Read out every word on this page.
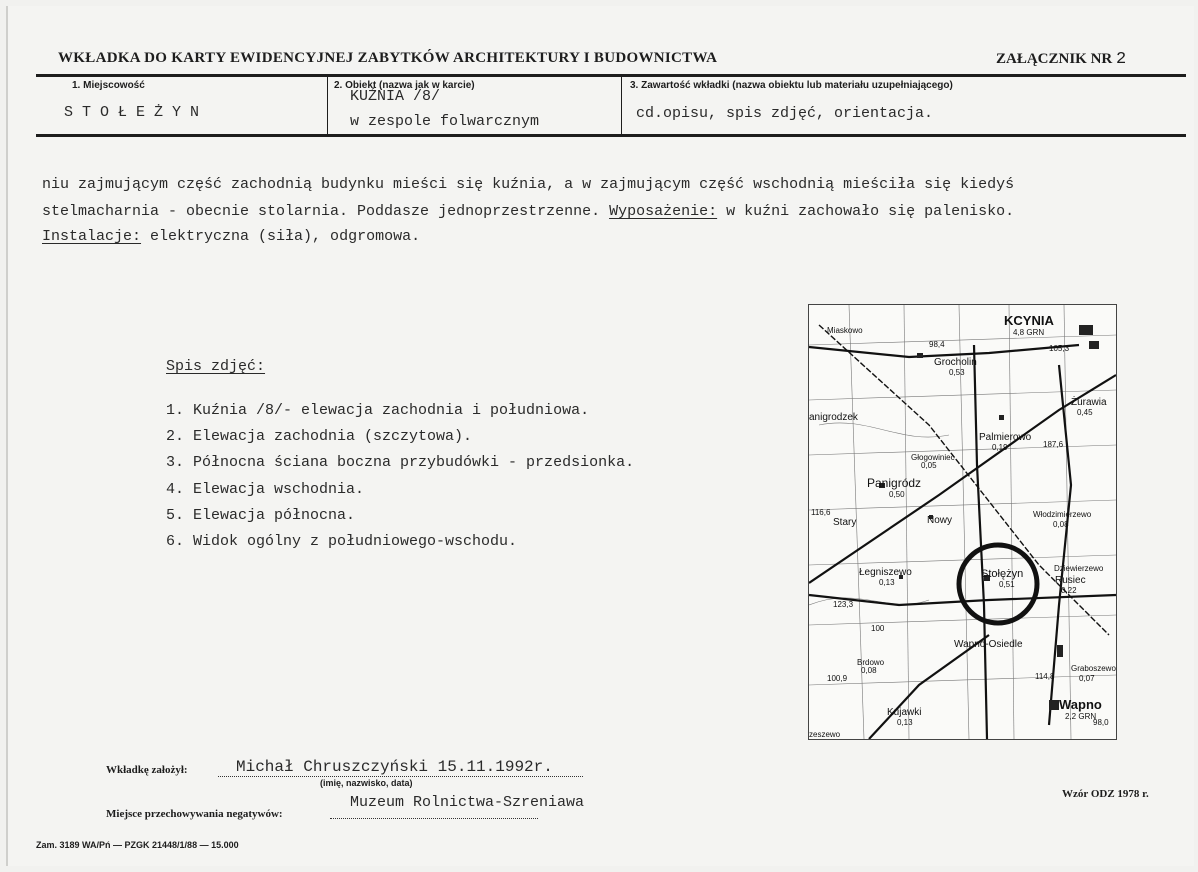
WKŁADKA DO KARTY EWIDENCYJNEJ ZABYTKÓW ARCHITEKTURY I BUDOWNICTWA	ZAŁĄCZNIK NR 2
1. Miejscowość
STOŁEŻYN
2. Obiekt (nazwa jak w karcie)
KUŹNIA /8/
w zespole folwarcznym
3. Zawartość wkładki (nazwa obiektu lub materiału uzupełniającego)
cd.opisu, spis zdjęć, orientacja.
niu zajmującym część zachodnią budynku mieści się kuźnia, a w zajmującym część wschodnią mieściła się kiedyś
stelmacharnia - obecnie stolarnia. Poddasze jednoprzestrzenne. Wyposażenie: w kuźni zachowało się palenisko.
Instalacje: elektryczna (siła), odgromowa.
Spis zdjęć:
1. Kuźnia /8/- elewacja zachodnia i południowa.
2. Elewacja zachodnia (szczytowa).
3. Północna ściana boczna przybudówki - przedsionka.
4. Elewacja wschodnia.
5. Elewacja północna.
6. Widok ogólny z południowego-wschodu.
KCYNIA
4,8 GRN
Miaskowo
Grocholin
0,53
anigrodzek
Żurawia
0,45
Palmierowo
0,19
Głogowiniec
0,05
Panigródz
0,50
Stary	Nowy
Włodzimierzewo
0,08
Łegniszewo
0,13
Stołężyn
0,51
Dziewierzewo
Rusiec
0,22
Wapno-Osiedle
Brdowo
0,08	Graboszewo
0,07
Kujawki
0,13
Wapno
2,2 GRN
zeszewo
98,4	105,3
187,6
116,6
123,3
100,9	114,8
98,0
100
Wkładkę założył:	Michał Chruszczyński 15.11.1992r.
(imię, nazwisko, data)
Muzeum Rolnictwa-Szreniawa
Miejsce przechowywania negatywów:
Wzór ODZ 1978 r.
Zam. 3189 WA/Pń — PZGK 21448/1/88 — 15.000
